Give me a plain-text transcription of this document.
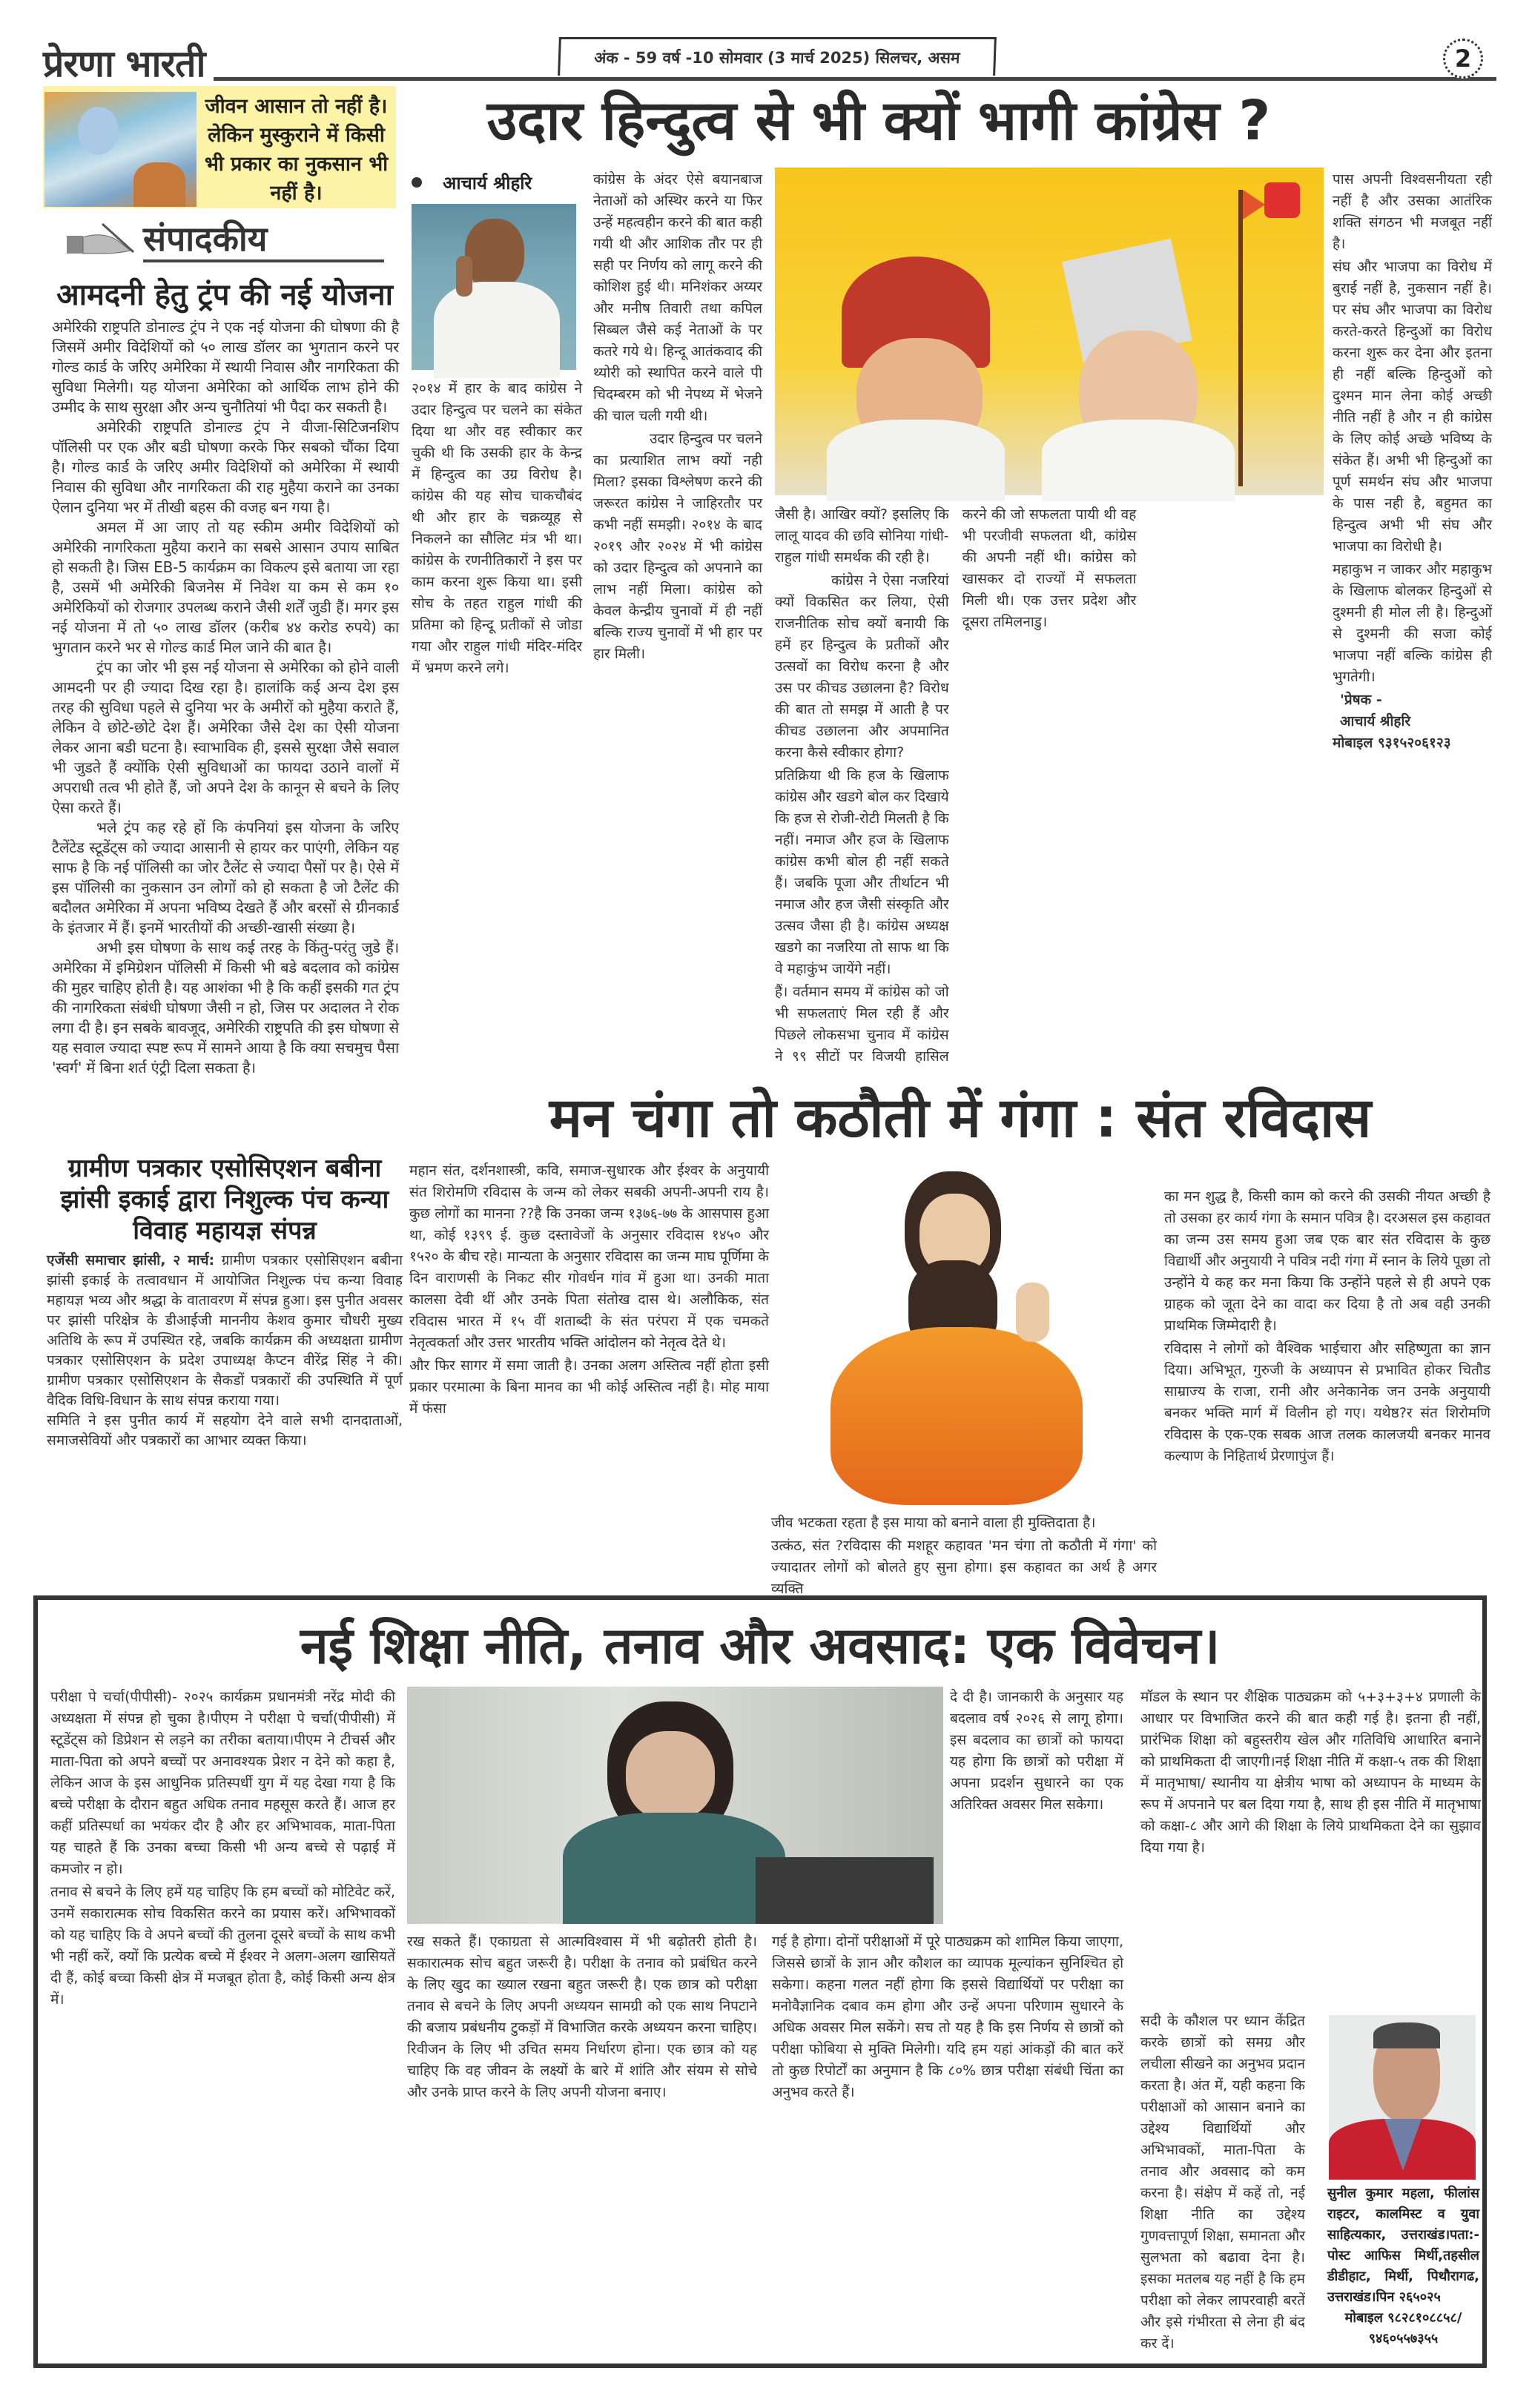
प्रेरणा भारती	अंक - 59 वर्ष -10 सोमवार (3 मार्च 2025) सिलचर, असम	2
जीवन आसान तो नहीं है। लेकिन मुस्कुराने में किसी भी प्रकार का नुकसान भी नहीं है।
उदार हिन्दुत्व से भी क्यों भागी कांग्रेस ?
संपादकीय
आमदनी हेतु ट्रंप की नई योजना

अमेरिकी राष्ट्रपति डोनाल्ड ट्रंप ने एक नई योजना की घोषणा की है जिसमें अमीर विदेशियों को ५० लाख डॉलर का भुगतान करने पर गोल्ड कार्ड के जरिए अमेरिका में स्थायी निवास और नागरिकता की सुविधा मिलेगी। यह योजना अमेरिका को आर्थिक लाभ होने की उम्मीद के साथ सुरक्षा और अन्य चुनौतियां भी पैदा कर सकती है।

अमेरिकी राष्ट्रपति डोनाल्ड ट्रंप ने वीजा-सिटिजनशिप पॉलिसी पर एक और बडी घोषणा करके फिर सबको चौंका दिया है। गोल्ड कार्ड के जरिए अमीर विदेशियों को अमेरिका में स्थायी निवास की सुविधा और नागरिकता की राह मुहैया कराने का उनका ऐलान दुनिया भर में तीखी बहस की वजह बन गया है।

अमल में आ जाए तो यह स्कीम अमीर विदेशियों को अमेरिकी नागरिकता मुहैया कराने का सबसे आसान उपाय साबित हो सकती है। जिस EB-5 कार्यक्रम का विकल्प इसे बताया जा रहा है, उसमें भी अमेरिकी बिजनेस में निवेश या कम से कम १० अमेरिकियों को रोजगार उपलब्ध कराने जैसी शर्तें जुडी हैं। मगर इस नई योजना में तो ५० लाख डॉलर (करीब ४४ करोड रुपये) का भुगतान करने भर से गोल्ड कार्ड मिल जाने की बात है।

ट्रंप का जोर भी इस नई योजना से अमेरिका को होने वाली आमदनी पर ही ज्यादा दिख रहा है। हालांकि कई अन्य देश इस तरह की सुविधा पहले से दुनिया भर के अमीरों को मुहैया कराते हैं, लेकिन वे छोटे-छोटे देश हैं। अमेरिका जैसे देश का ऐसी योजना लेकर आना बडी घटना है। स्वाभाविक ही, इससे सुरक्षा जैसे सवाल भी जुडते हैं क्योंकि ऐसी सुविधाओं का फायदा उठाने वालों में अपराधी तत्व भी होते हैं, जो अपने देश के कानून से बचने के लिए ऐसा करते हैं।

भले ट्रंप कह रहे हों कि कंपनियां इस योजना के जरिए टैलेंटेड स्टूडेंट्स को ज्यादा आसानी से हायर कर पाएंगी, लेकिन यह साफ है कि नई पॉलिसी का जोर टैलेंट से ज्यादा पैसों पर है। ऐसे में इस पॉलिसी का नुकसान उन लोगों को हो सकता है जो टैलेंट की बदौलत अमेरिका में अपना भविष्य देखते हैं और बरसों से ग्रीनकार्ड के इंतजार में हैं। इनमें भारतीयों की अच्छी-खासी संख्या है।

अभी इस घोषणा के साथ कई तरह के किंतु-परंतु जुडे हैं। अमेरिका में इमिग्रेशन पॉलिसी में किसी भी बडे बदलाव को कांग्रेस की मुहर चाहिए होती है। यह आशंका भी है कि कहीं इसकी गत ट्रंप की नागरिकता संबंधी घोषणा जैसी न हो, जिस पर अदालत ने रोक लगा दी है। इन सबके बावजूद, अमेरिकी राष्ट्रपति की इस घोषणा से यह सवाल ज्यादा स्पष्ट रूप में सामने आया है कि क्या सचमुच पैसा 'स्वर्ग' में बिना शर्त एंट्री दिला सकता है।

ग्रामीण पत्रकार एसोसिएशन बबीना झांसी इकाई द्वारा निशुल्क पंच कन्या विवाह महायज्ञ संपन्न

एजेंसी समाचार झांसी, २ मार्च: ग्रामीण पत्रकार एसोसिएशन बबीना झांसी इकाई के तत्वावधान में आयोजित निशुल्क पंच कन्या विवाह महायज्ञ भव्य और श्रद्धा के वातावरण में संपन्न हुआ। इस पुनीत अवसर पर झांसी परिक्षेत्र के डीआईजी माननीय केशव कुमार चौधरी मुख्य अतिथि के रूप में उपस्थित रहे, जबकि कार्यक्रम की अध्यक्षता ग्रामीण पत्रकार एसोसिएशन के प्रदेश उपाध्यक्ष कैप्टन वीरेंद्र सिंह ने की। ग्रामीण पत्रकार एसोसिएशन के सैकडों पत्रकारों की उपस्थिति में पूर्ण वैदिक विधि-विधान के साथ संपन्न कराया गया।

समिति ने इस पुनीत कार्य में सहयोग देने वाले सभी दानदाताओं, समाजसेवियों और पत्रकारों का आभार व्यक्त किया।

आचार्य श्रीहरि

२०१४ में हार के बाद कांग्रेस ने उदार हिन्दुत्व पर चलने का संकेत दिया था और वह स्वीकार कर चुकी थी कि उसकी हार के केन्द्र में हिन्दुत्व का उग्र विरोध है। कांग्रेस की यह सोच चाकचौबंद थी और हार के चक्रव्यूह से निकलने का सौलिट मंत्र भी था। कांग्रेस के रणनीतिकारों ने इस पर काम करना शुरू किया था। इसी सोच के तहत राहुल गांधी की प्रतिमा को हिन्दू प्रतीकों से जोडा गया और राहुल गांधी मंदिर-मंदिर में भ्रमण करने लगे।

कांग्रेस के अंदर ऐसे बयानबाज नेताओं को अस्थिर करने या फिर उन्हें महत्वहीन करने की बात कही गयी थी और आशिक तौर पर ही सही पर निर्णय को लागू करने की कोशिश हुई थी। मनिशंकर अय्यर और मनीष तिवारी तथा कपिल सिब्बल जैसे कई नेताओं के पर कतरे गये थे। हिन्दू आतंकवाद की थ्योरी को स्थापित करने वाले पी चिदम्बरम को भी नेपथ्य में भेजने की चाल चली गयी थी।

उदार हिन्दुत्व पर चलने का प्रत्याशित लाभ क्यों नही मिला? इसका विश्लेषण करने की जरूरत कांग्रेस ने जाहिरतौर पर कभी नहीं समझी। २०१४ के बाद २०१९ और २०२४ में भी कांग्रेस को उदार हिन्दुत्व को अपनाने का लाभ नहीं मिला। कांग्रेस को केवल केन्द्रीय चुनावों में ही नहीं बल्कि राज्य चुनावों में भी हार पर हार मिली।

जैसी है। आखिर क्यों? इसलिए कि लालू यादव की छवि सोनिया गांधी-राहुल गांधी समर्थक की रही है।

कांग्रेस ने ऐसा नजरियां क्यों विकसित कर लिया, ऐसी राजनीतिक सोच क्यों बनायी कि हमें हर हिन्दुत्व के प्रतीकों और उत्सवों का विरोध करना है और उस पर कीचड उछालना है? विरोध की बात तो समझ में आती है पर कीचड उछालना और अपमानित करना कैसे स्वीकार होगा?

प्रतिक्रिया थी कि हज के खिलाफ कांग्रेस और खडगे बोल कर दिखाये कि हज से रोजी-रोटी मिलती है कि नहीं। नमाज और हज के खिलाफ कांग्रेस कभी बोल ही नहीं सकते हैं। जबकि पूजा और तीर्थाटन भी नमाज और हज जैसी संस्कृति और उत्सव जैसा ही है। कांग्रेस अध्यक्ष खडगे का नजरिया तो साफ था कि वे महाकुंभ जायेंगे नहीं।

हैं। वर्तमान समय में कांग्रेस को जो भी सफलताएं मिल रही हैं और पिछले लोकसभा चुनाव में कांग्रेस ने ९९ सीटों पर विजयी हासिल करने की जो सफलता पायी थी वह भी परजीवी सफलता थी, कांग्रेस की अपनी नहीं थी। कांग्रेस को खासकर दो राज्यों में सफलता मिली थी। एक उत्तर प्रदेश और दूसरा तमिलनाडु।

पास अपनी विश्वसनीयता रही नहीं है और उसका आतंरिक शक्ति संगठन भी मजबूत नहीं है।

संघ और भाजपा का विरोध में बुराई नहीं है, नुकसान नहीं है। पर संघ और भाजपा का विरोध करते-करते हिन्दुओं का विरोध करना शुरू कर देना और इतना ही नहीं बल्कि हिन्दुओं को दुश्मन मान लेना कोई अच्छी नीति नहीं है और न ही कांग्रेस के लिए कोई अच्छे भविष्य के संकेत हैं। अभी भी हिन्दुओं का पूर्ण समर्थन संघ और भाजपा के पास नही है, बहुमत का हिन्दुत्व अभी भी संघ और भाजपा का विरोधी है।

महाकुभ न जाकर और महाकुभ के खिलाफ बोलकर हिन्दुओं से दुश्मनी ही मोल ली है। हिन्दुओं से दुश्मनी की सजा कोई भाजपा नहीं बल्कि कांग्रेस ही भुगतेगी।

'प्रेषक -
आचार्य श्रीहरि
मोबाइल ९३१५२०६१२३
मन चंगा तो कठौती में गंगा : संत रविदास

महान संत, दर्शनशास्त्री, कवि, समाज-सुधारक और ईश्वर के अनुयायी संत शिरोमणि रविदास के जन्म को लेकर सबकी अपनी-अपनी राय है। कुछ लोगों का मानना ??है कि उनका जन्म १३७६-७७ के आसपास हुआ था, कोई १३९९ ई. कुछ दस्तावेजों के अनुसार रविदास १४५० और १५२० के बीच रहे। मान्यता के अनुसार रविदास का जन्म माघ पूर्णिमा के दिन वाराणसी के निकट सीर गोवर्धन गांव में हुआ था। उनकी माता कालसा देवी थीं और उनके पिता संतोख दास थे। अलौकिक, संत रविदास भारत में १५ वीं शताब्दी के संत परंपरा में एक चमकते नेतृत्वकर्ता और उत्तर भारतीय भक्ति आंदोलन को नेतृत्व देते थे।

और फिर सागर में समा जाती है। उनका अलग अस्तित्व नहीं होता इसी प्रकार परमात्मा के बिना मानव का भी कोई अस्तित्व नहीं है। मोह माया में फंसा

जीव भटकता रहता है इस माया को बनाने वाला ही मुक्तिदाता है।

उत्कंठ, संत ?रविदास की मशहूर कहावत 'मन चंगा तो कठौती में गंगा' को ज्यादातर लोगों को बोलते हुए सुना होगा। इस कहावत का अर्थ है अगर व्यक्ति

का मन शुद्ध है, किसी काम को करने की उसकी नीयत अच्छी है तो उसका हर कार्य गंगा के समान पवित्र है। दरअसल इस कहावत का जन्म उस समय हुआ जब एक बार संत रविदास के कुछ विद्यार्थी और अनुयायी ने पवित्र नदी गंगा में स्नान के लिये पूछा तो उन्होंने ये कह कर मना किया कि उन्होंने पहले से ही अपने एक ग्राहक को जूता देने का वादा कर दिया है तो अब वही उनकी प्राथमिक जिम्मेदारी है।

रविदास ने लोगों को वैश्विक भाईचारा और सहिष्णुता का ज्ञान दिया। अभिभूत, गुरुजी के अध्यापन से प्रभावित होकर चितौड साम्राज्य के राजा, रानी और अनेकानेक जन उनके अनुयायी बनकर भक्ति मार्ग में विलीन हो गए। यथेष्ठ?र संत शिरोमणि रविदास के एक-एक सबक आज तलक कालजयी बनकर मानव कल्याण के निहितार्थ प्रेरणापुंज हैं।

नई शिक्षा नीति, तनाव और अवसाद: एक विवेचन।

परीक्षा पे चर्चा(पीपीसी)- २०२५ कार्यक्रम प्रधानमंत्री नरेंद्र मोदी की अध्यक्षता में संपन्न हो चुका है।पीएम ने परीक्षा पे चर्चा(पीपीसी) में स्टूडेंट्स को डिप्रेशन से लड़ने का तरीका बताया।पीएम ने टीचर्स और माता-पिता को अपने बच्चों पर अनावश्यक प्रेशर न देने को कहा है, लेकिन आज के इस आधुनिक प्रतिस्पर्धी युग में यह देखा गया है कि बच्चे परीक्षा के दौरान बहुत अधिक तनाव महसूस करते हैं। आज हर कहीं प्रतिस्पर्धा का भयंकर दौर है और हर अभिभावक, माता-पिता यह चाहते हैं कि उनका बच्चा किसी भी अन्य बच्चे से पढ़ाई में कमजोर न हो।

तनाव से बचने के लिए हमें यह चाहिए कि हम बच्चों को मोटिवेट करें, उनमें सकारात्मक सोच विकसित करने का प्रयास करें। अभिभावकों को यह चाहिए कि वे अपने बच्चों की तुलना दूसरे बच्चों के साथ कभी भी नहीं करें, क्यों कि प्रत्येक बच्चे में ईश्वर ने अलग-अलग खासियतें दी हैं, कोई बच्चा किसी क्षेत्र में मजबूत होता है, कोई किसी अन्य क्षेत्र में।

दे दी है। जानकारी के अनुसार यह बदलाव वर्ष २०२६ से लागू होगा। इस बदलाव का छात्रों को फायदा यह होगा कि छात्रों को परीक्षा में अपना प्रदर्शन सुधारने का एक अतिरिक्त अवसर मिल सकेगा।

रख सकते हैं। एकाग्रता से आत्मविश्वास में भी बढ़ोतरी होती है। सकारात्मक सोच बहुत जरूरी है। परीक्षा के तनाव को प्रबंधित करने के लिए खुद का ख्याल रखना बहुत जरूरी है। एक छात्र को परीक्षा तनाव से बचने के लिए अपनी अध्ययन सामग्री को एक साथ निपटाने की बजाय प्रबंधनीय टुकड़ों में विभाजित करके अध्ययन करना चाहिए। रिवीजन के लिए भी उचित समय निर्धारण होना। एक छात्र को यह चाहिए कि वह जीवन के लक्ष्यों के बारे में शांति और संयम से सोचे और उनके प्राप्त करने के लिए अपनी योजना बनाए।

गई है होगा। दोनों परीक्षाओं में पूरे पाठ्यक्रम को शामिल किया जाएगा, जिससे छात्रों के ज्ञान और कौशल का व्यापक मूल्यांकन सुनिश्चित हो सकेगा। कहना गलत नहीं होगा कि इससे विद्यार्थियों पर परीक्षा का मनोवैज्ञानिक दबाव कम होगा और उन्हें अपना परिणाम सुधारने के अधिक अवसर मिल सकेंगे। सच तो यह है कि इस निर्णय से छात्रों को परीक्षा फोबिया से मुक्ति मिलेगी। यदि हम यहां आंकड़ों की बात करें तो कुछ रिपोर्टों का अनुमान है कि ८०% छात्र परीक्षा संबंधी चिंता का अनुभव करते हैं।

मॉडल के स्थान पर शैक्षिक पाठ्यक्रम को ५+३+३+४ प्रणाली के आधार पर विभाजित करने की बात कही गई है। इतना ही नहीं, प्रारंभिक शिक्षा को बहुस्तरीय खेल और गतिविधि आधारित बनाने को प्राथमिकता दी जाएगी।नई शिक्षा नीति में कक्षा-५ तक की शिक्षा में मातृभाषा/ स्थानीय या क्षेत्रीय भाषा को अध्यापन के माध्यम के रूप में अपनाने पर बल दिया गया है, साथ ही इस नीति में मातृभाषा को कक्षा-८ और आगे की शिक्षा के लिये प्राथमिकता देने का सुझाव दिया गया है।

सदी के कौशल पर ध्यान केंद्रित करके छात्रों को समग्र और लचीला सीखने का अनुभव प्रदान करता है। अंत में, यही कहना कि परीक्षाओं को आसान बनाने का उद्देश्य विद्यार्थियों और अभिभावकों, माता-पिता के तनाव और अवसाद को कम करना है। संक्षेप में कहें तो, नई शिक्षा नीति का उद्देश्य गुणवत्तापूर्ण शिक्षा, समानता और सुलभता को बढावा देना है। इसका मतलब यह नहीं है कि हम परीक्षा को लेकर लापरवाही बरतें और इसे गंभीरता से लेना ही बंद कर दें।

सुनील कुमार महला, फीलांस राइटर, कालमिस्ट व युवा साहित्यकार, उत्तराखंड।पता:- पोस्ट आफिस मिर्थी,तहसील डीडीहाट, मिर्थी, पिथौरागढ, उत्तराखंड।पिन २६५०२५
मोबाइल ९८२८१०८८५८/ ९४६०५५७३५५
